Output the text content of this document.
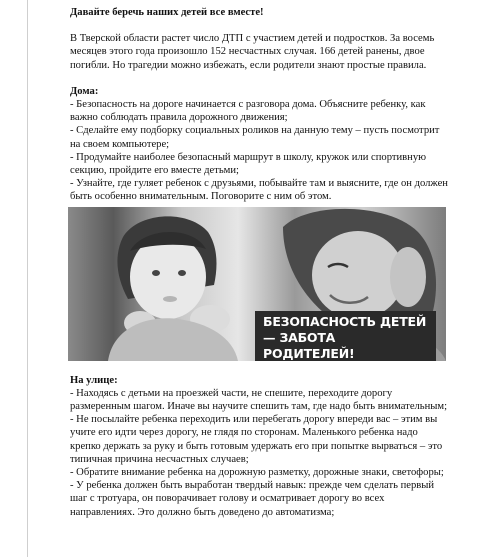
Давайте беречь наших детей все вместе!

В Тверской области растет число ДТП с участием детей и подростков. За восемь месяцев этого года произошло 152 несчастных случая. 166 детей ранены, двое погибли. Но трагедии можно избежать, если родители знают простые правила.

Дома:

- Безопасность на дороге начинается с разговора дома. Объясните ребенку, как важно соблюдать правила дорожного движения;

- Сделайте ему подборку социальных роликов на данную тему – пусть посмотрит на своем компьютере;

- Продумайте наиболее безопасный маршрут в школу, кружок или спортивную секцию, пройдите его вместе детьми;

- Узнайте, где гуляет ребенок с друзьями, побывайте там и выясните, где он должен быть особенно внимательным. Поговорите с ним об этом.

БЕЗОПАСНОСТЬ ДЕТЕЙ
— ЗАБОТА РОДИТЕЛЕЙ!

На улице:

- Находясь с детьми на проезжей части, не спешите, переходите дорогу размеренным шагом. Иначе вы научите спешить там, где надо быть внимательным;

- Не посылайте ребенка переходить или перебегать дорогу впереди вас – этим вы учите его идти через дорогу, не глядя по сторонам. Маленького ребенка надо крепко держать за руку и быть готовым удержать его при попытке вырваться – это типичная причина несчастных случаев;

- Обратите внимание ребенка на дорожную разметку, дорожные знаки, светофоры;

- У ребенка должен быть выработан твердый навык: прежде чем сделать первый шаг с тротуара, он поворачивает голову и осматривает дорогу во всех направлениях. Это должно быть доведено до автоматизма;
